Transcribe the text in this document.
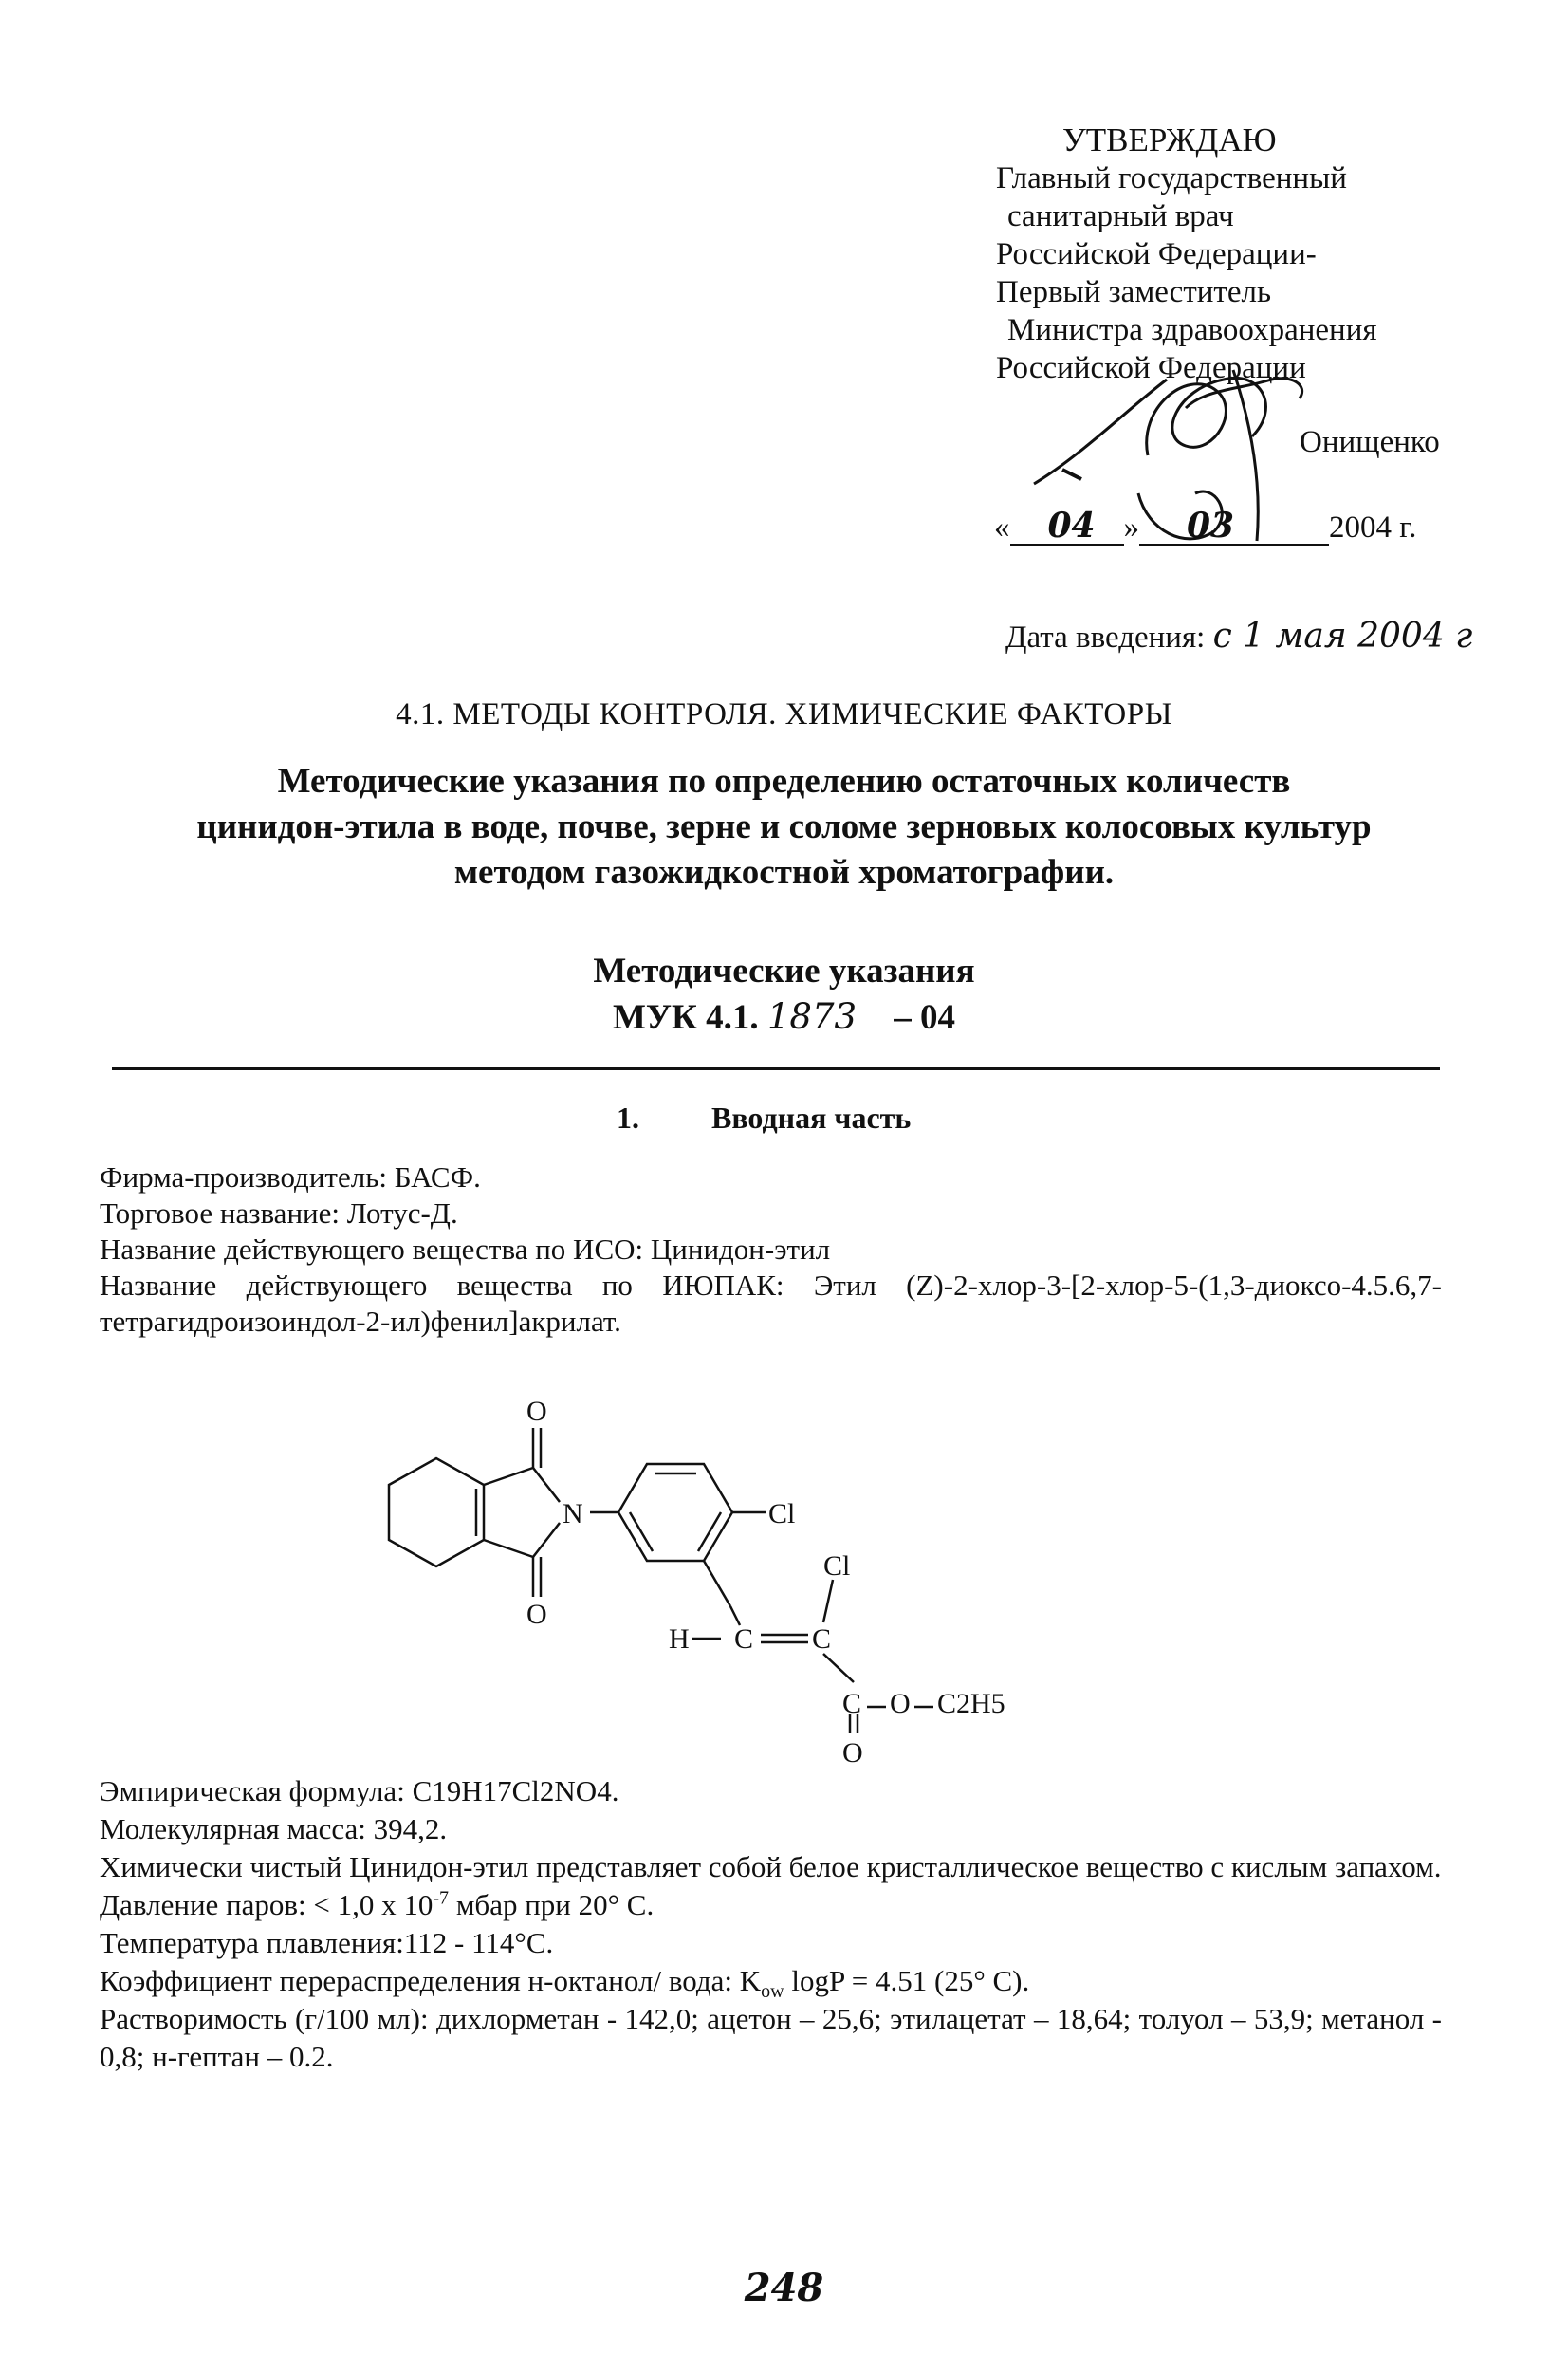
УТВЕРЖДАЮ
Главный государственный
санитарный врач
Российской Федерации-
Первый заместитель
Министра здравоохранения
Российской Федерации
Онищенко
« 04 » 03	2004 г.
Дата введения: с 1 мая 2004 г
4.1. МЕТОДЫ КОНТРОЛЯ. ХИМИЧЕСКИЕ ФАКТОРЫ
Методические указания по определению остаточных количеств
цинидон-этила в воде, почве, зерне и соломе зерновых колосовых культур
методом газожидкостной хроматографии.
Методические указания
МУК 4.1. 1873 – 04
1. Вводная часть
Фирма-производитель: БАСФ.
Торговое название: Лотус-Д.
Название действующего вещества по ИСО: Цинидон-этил
Название действующего вещества по ИЮПАК: Этил (Z)-2-хлор-3-[2-хлор-5-(1,3-диоксо-4.5.6,7-тетрагидроизоиндол-2-ил)фенил]акрилат.
O
O
N	Cl
Cl
H C C
C O
O
C2H5
Эмпирическая формула: C19H17Cl2NO4.
Молекулярная масса: 394,2.
Химически чистый Цинидон-этил представляет собой белое кристаллическое вещество с кислым запахом.
Давление паров: < 1,0 х $10^{-7}$ мбар при 20° С.
Температура плавления:112 - 114°С.
Коэффициент перераспределения н-октанол/ вода: $K_{ow}$ logP = 4.51 (25° С).
Растворимость (г/100 мл): дихлорметан - 142,0; ацетон – 25,6; этилацетат – 18,64; толуол – 53,9; метанол - 0,8; н-гептан – 0.2.
248
